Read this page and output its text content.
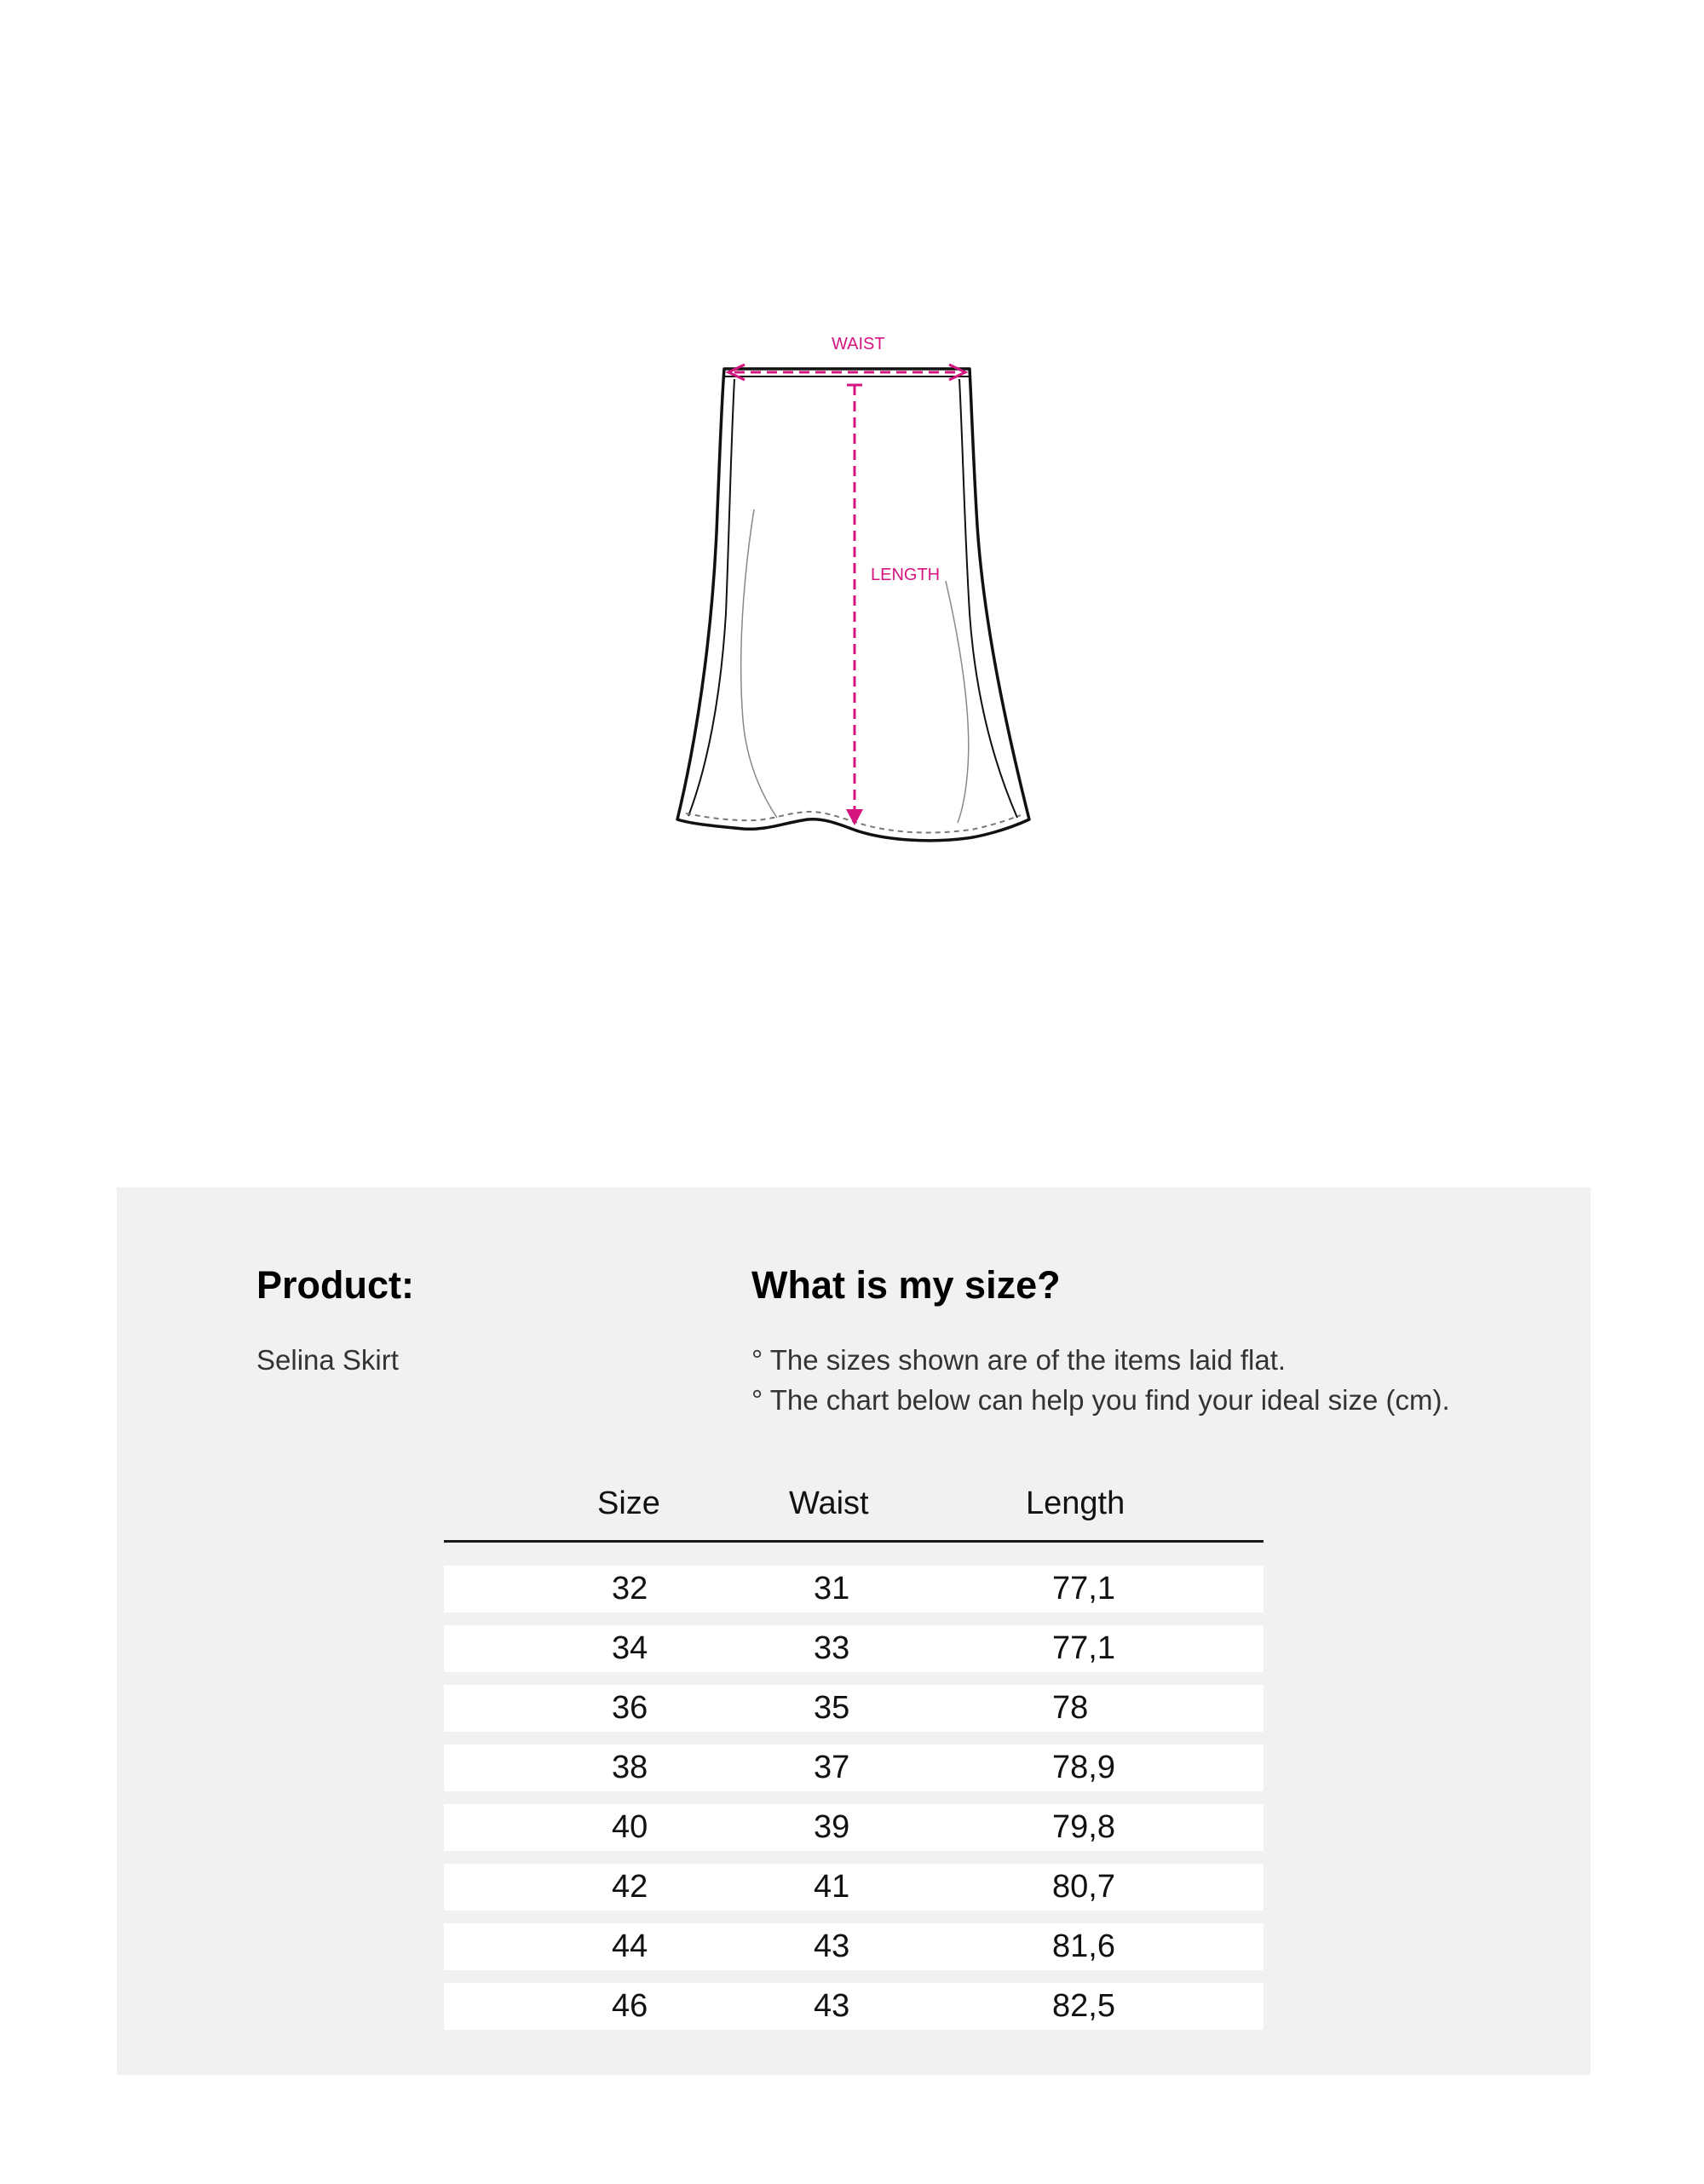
WAIST
LENGTH
Product:

Selina Skirt

What is my size?

° The sizes shown are of the items laid flat.

° The chart below can help you find your ideal size (cm).

Size	Waist	Length
32	31	77,1
34	33	77,1
36	35	78
38	37	78,9
40	39	79,8
42	41	80,7
44	43	81,6
46	43	82,5
